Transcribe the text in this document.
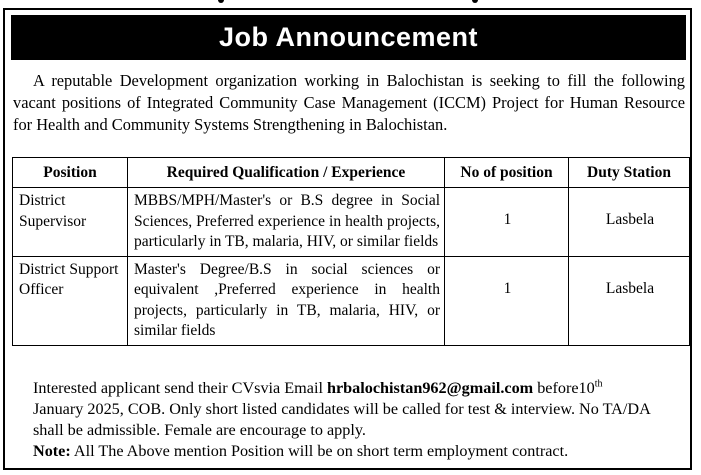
Job Announcement

A reputable Development organization working in Balochistan is seeking to fill the following vacant positions of Integrated Community Case Management (ICCM) Project for Human Resource for Health and Community Systems Strengthening in Balochistan.

Position	Required Qualification / Experience	No of position	Duty Station
District Supervisor	MBBS/MPH/Master's or B.S degree in Social Sciences, Preferred experience in health projects, particularly in TB, malaria, HIV, or similar fields	1	Lasbela
District Support Officer	Master's Degree/B.S in social sciences or equivalent ,Preferred experience in health projects, particularly in TB, malaria, HIV, or similar fields	1	Lasbela

Interested applicant send their CVsvia Email hrbalochistan962@gmail.com before10th
January 2025, COB. Only short listed candidates will be called for test & interview. No TA/DA shall be admissible. Female are encourage to apply.

Note: All The Above mention Position will be on short term employment contract.
